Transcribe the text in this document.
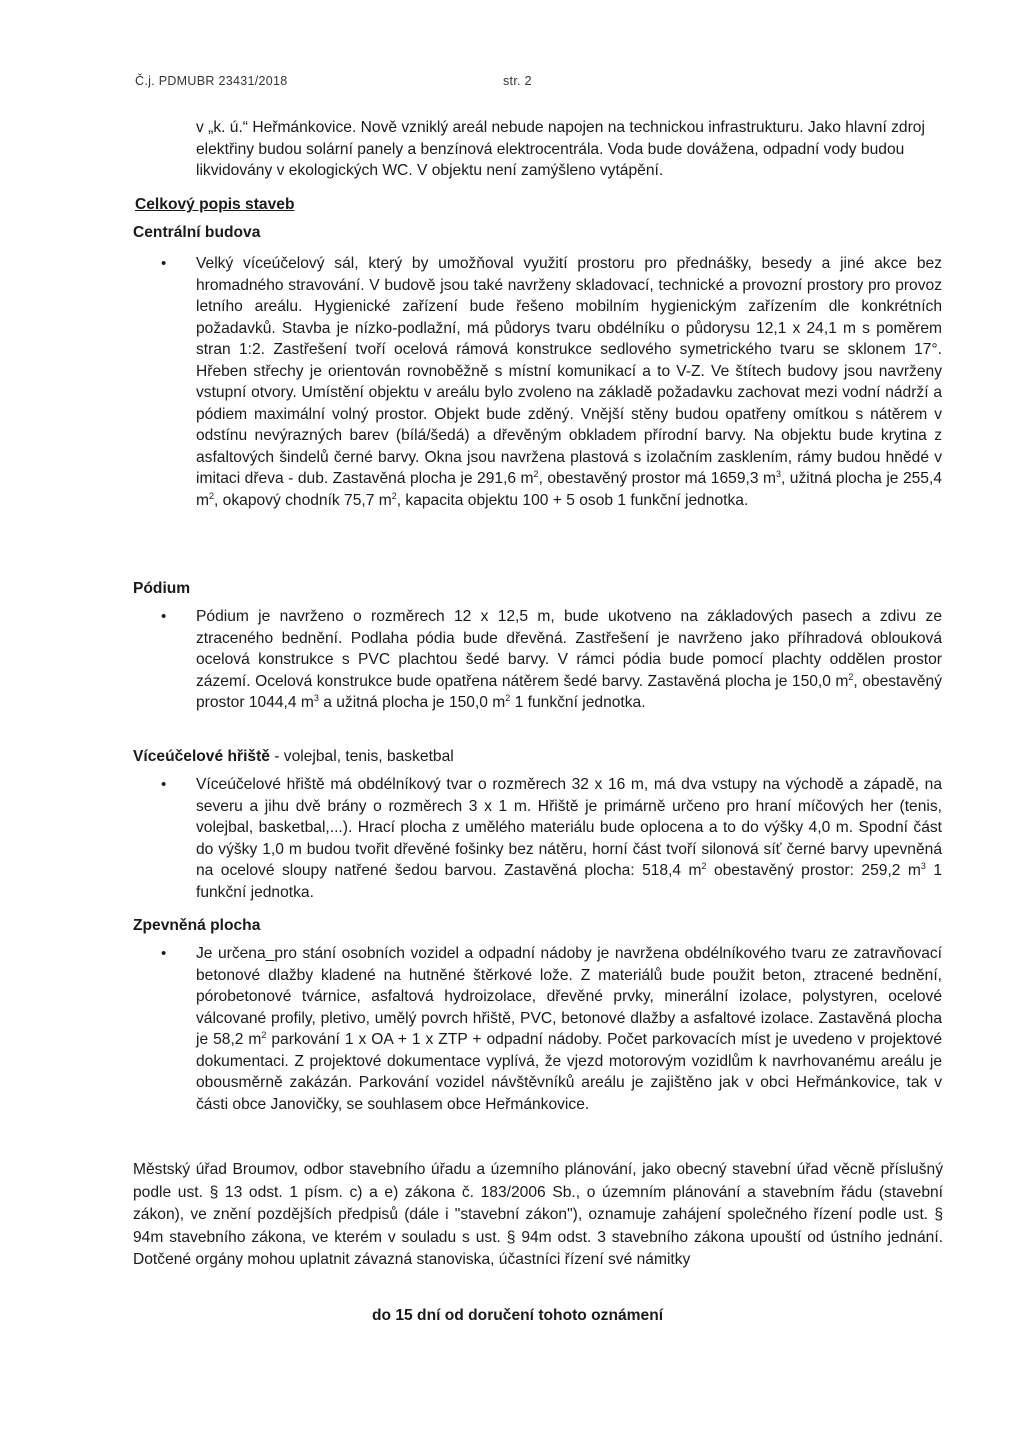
Č.j. PDMUBR 23431/2018	str. 2
v „k. ú.“ Heřmánkovice. Nově vzniklý areál nebude napojen na technickou infrastrukturu. Jako hlavní zdroj elektřiny budou solární panely a benzínová elektrocentrála. Voda bude dovážena, odpadní vody budou likvidovány v ekologických WC. V objektu není zamýšleno vytápění.
Celkový popis staveb
Centrální budova
• Velký víceúčelový sál, který by umožňoval využití prostoru pro přednášky, besedy a jiné akce bez hromadného stravování. V budově jsou také navrženy skladovací, technické a provozní prostory pro provoz letního areálu. Hygienické zařízení bude řešeno mobilním hygienickým zařízením dle konkrétních požadavků. Stavba je nízko-podlažní, má půdorys tvaru obdélníku o půdorysu 12,1 x 24,1 m s poměrem stran 1:2. Zastřešení tvoří ocelová rámová konstrukce sedlového symetrického tvaru se sklonem 17°. Hřeben střechy je orientován rovnoběžně s místní komunikací a to V-Z. Ve štítech budovy jsou navrženy vstupní otvory. Umístění objektu v areálu bylo zvoleno na základě požadavku zachovat mezi vodní nádrží a pódiem maximální volný prostor. Objekt bude zděný. Vnější stěny budou opatřeny omítkou s nátěrem v odstínu nevýrazných barev (bílá/šedá) a dřevěným obkladem přírodní barvy. Na objektu bude krytina z asfaltových šindelů černé barvy. Okna jsou navržena plastová s izolačním zasklením, rámy budou hnědé v imitaci dřeva - dub. Zastavěná plocha je 291,6 $m^2$, obestavěný prostor má 1659,3 $m^3$, užitná plocha je 255,4 $m^2$, okapový chodník 75,7 $m^2$, kapacita objektu 100 + 5 osob 1 funkční jednotka.
Pódium
• Pódium je navrženo o rozměrech 12 x 12,5 m, bude ukotveno na základových pasech a zdivu ze ztraceného bednění. Podlaha pódia bude dřevěná. Zastřešení je navrženo jako příhradová oblouková ocelová konstrukce s PVC plachtou šedé barvy. V rámci pódia bude pomocí plachty oddělen prostor zázemí. Ocelová konstrukce bude opatřena nátěrem šedé barvy. Zastavěná plocha je 150,0 $m^2$, obestavěný prostor 1044,4 $m^3$ a užitná plocha je 150,0 $m^2$ 1 funkční jednotka.
Víceúčelové hřiště - volejbal, tenis, basketbal
• Víceúčelové hřiště má obdélníkový tvar o rozměrech 32 x 16 m, má dva vstupy na východě a západě, na severu a jihu dvě brány o rozměrech 3 x 1 m. Hřiště je primárně určeno pro hraní míčových her (tenis, volejbal, basketbal,...). Hrací plocha z umělého materiálu bude oplocena a to do výšky 4,0 m. Spodní část do výšky 1,0 m budou tvořit dřevěné fošinky bez nátěru, horní část tvoří silonová síť černé barvy upevněná na ocelové sloupy natřené šedou barvou. Zastavěná plocha: 518,4 $m^2$ obestavěný prostor: 259,2 $m^3$ 1 funkční jednotka.
Zpevněná plocha
• Je určena_pro stání osobních vozidel a odpadní nádoby je navržena obdélníkového tvaru ze zatravňovací betonové dlažby kladené na hutněné štěrkové lože. Z materiálů bude použit beton, ztracené bednění, pórobetonové tvárnice, asfaltová hydroizolace, dřevěné prvky, minerální izolace, polystyren, ocelové válcované profily, pletivo, umělý povrch hřiště, PVC, betonové dlažby a asfaltové izolace. Zastavěná plocha je 58,2 $m^2$ parkování 1 x OA + 1 x ZTP + odpadní nádoby. Počet parkovacích míst je uvedeno v projektové dokumentaci. Z projektové dokumentace vyplívá, že vjezd motorovým vozidlům k navrhovanému areálu je obousměrně zakázán. Parkování vozidel návštěvníků areálu je zajištěno jak v obci Heřmánkovice, tak v části obce Janovičky, se souhlasem obce Heřmánkovice.
Městský úřad Broumov, odbor stavebního úřadu a územního plánování, jako obecný stavební úřad věcně příslušný podle ust. § 13 odst. 1 písm. c) a e) zákona č. 183/2006 Sb., o územním plánování a stavebním řádu (stavební zákon), ve znění pozdějších předpisů (dále i "stavební zákon"), oznamuje zahájení společného řízení podle ust. § 94m stavebního zákona, ve kterém v souladu s ust. § 94m odst. 3 stavebního zákona upouští od ústního jednání. Dotčené orgány mohou uplatnit závazná stanoviska, účastníci řízení své námitky
do 15 dní od doručení tohoto oznámení
